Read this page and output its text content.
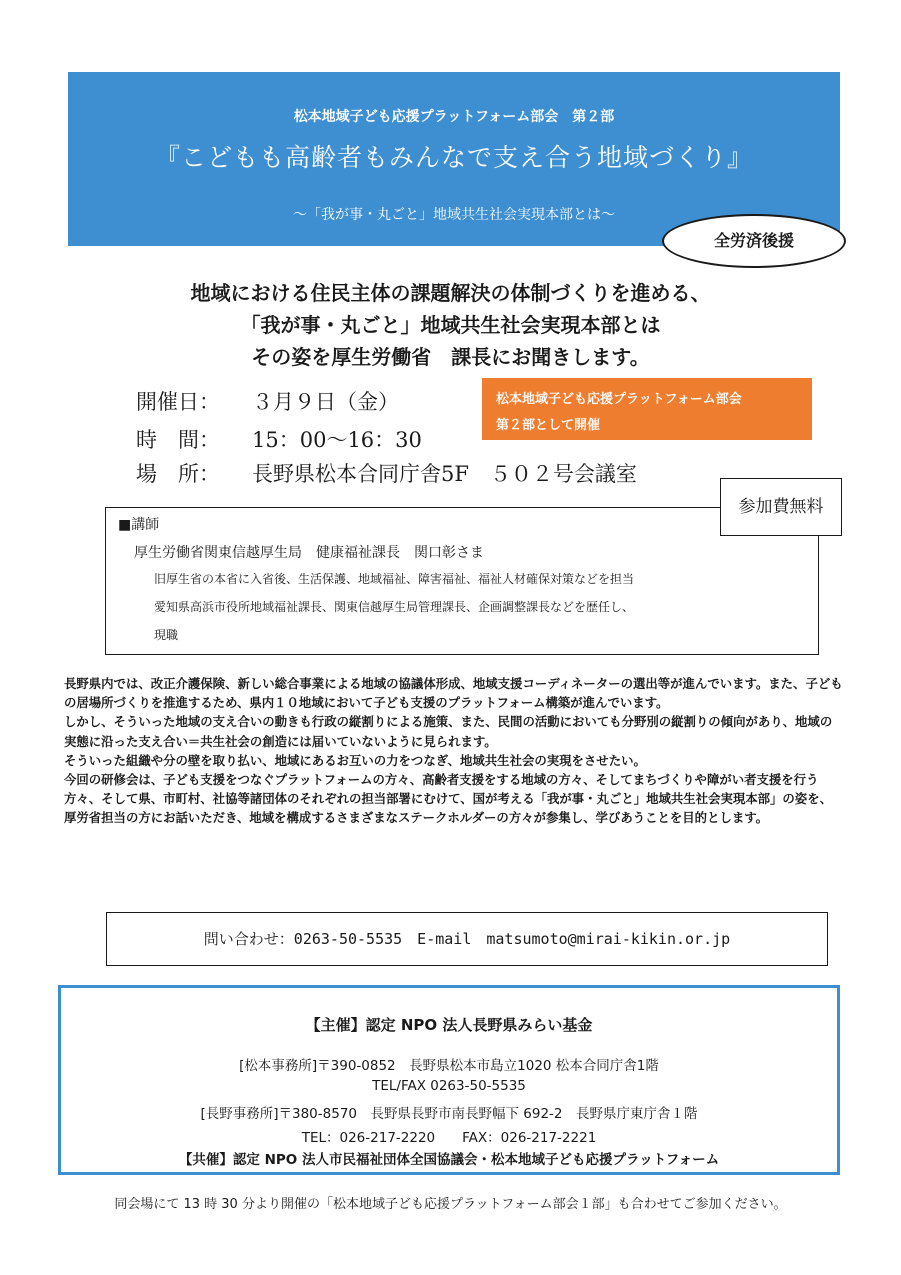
松本地域子ども応援プラットフォーム部会　第２部
『こどもも高齢者もみんなで支え合う地域づくり』
～「我が事・丸ごと」地域共生社会実現本部とは～
全労済後援
地域における住民主体の課題解決の体制づくりを進める、
「我が事・丸ごと」地域共生社会実現本部とは
その姿を厚生労働省　課長にお聞きします。
開催日： ３月９日（金）
時　間： 15：00～16：30
場　所： 長野県松本合同庁舎5F　５０２号会議室
松本地域子ども応援プラットフォーム部会
第２部として開催
■講師
厚生労働省関東信越厚生局　健康福祉課長　関口彰さま
旧厚生省の本省に入省後、生活保護、地域福祉、障害福祉、福祉人材確保対策などを担当
愛知県高浜市役所地域福祉課長、関東信越厚生局管理課長、企画調整課長などを歴任し、
現職
参加費無料

長野県内では、改正介護保険、新しい総合事業による地域の協議体形成、地域支援コーディネーターの選出等が進んでいます。また、子どもの居場所づくりを推進するため、県内１０地域において子ども支援のプラットフォーム構築が進んでいます。

しかし、そういった地域の支え合いの動きも行政の縦割りによる施策、また、民間の活動においても分野別の縦割りの傾向があり、地域の実態に沿った支え合い＝共生社会の創造には届いていないように見られます。

そういった組織や分の壁を取り払い、地域にあるお互いの力をつなぎ、地域共生社会の実現をさせたい。

今回の研修会は、子ども支援をつなぐプラットフォームの方々、高齢者支援をする地域の方々、そしてまちづくりや障がい者支援を行う方々、そして県、市町村、社協等諸団体のそれぞれの担当部署にむけて、国が考える「我が事・丸ごと」地域共生社会実現本部」の姿を、厚労省担当の方にお話いただき、地域を構成するさまざまなステークホルダーの方々が参集し、学びあうことを目的とします。

問い合わせ：0263-50-5535　E-mail　matsumoto@mirai-kikin.or.jp
【主催】認定 NPO 法人長野県みらい基金
[松本事務所]〒390-0852　長野県松本市島立1020 松本合同庁舎1階
TEL/FAX 0263-50-5535
[長野事務所]〒380-8570　長野県長野市南長野幅下 692-2　長野県庁東庁舎１階
TEL：026-217-2220　　FAX：026-217-2221
【共催】認定 NPO 法人市民福祉団体全国協議会・松本地域子ども応援プラットフォーム
同会場にて 13 時 30 分より開催の「松本地域子ども応援プラットフォーム部会１部」も合わせてご参加ください。
